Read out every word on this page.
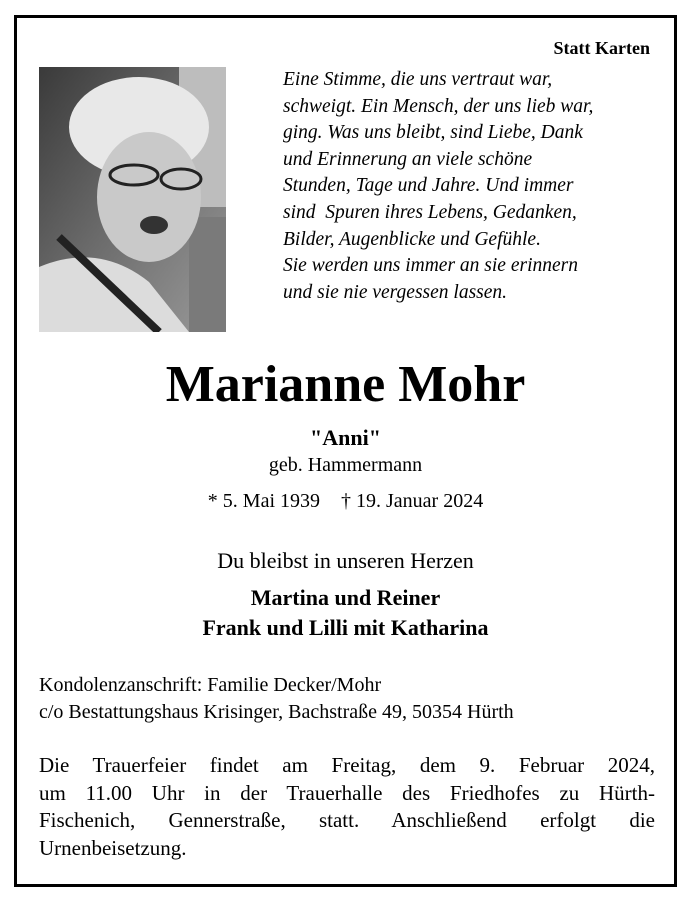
Statt Karten
Eine Stimme, die uns vertraut war,
schweigt. Ein Mensch, der uns lieb war,
ging. Was uns bleibt, sind Liebe, Dank
und Erinnerung an viele schöne
Stunden, Tage und Jahre. Und immer
sind  Spuren ihres Lebens, Gedanken,
Bilder, Augenblicke und Gefühle.
Sie werden uns immer an sie erinnern
und sie nie vergessen lassen.
Marianne Mohr
"Anni"
geb. Hammermann
* 5. Mai 1939 † 19. Januar 2024
Du bleibst in unseren Herzen
Martina und Reiner
Frank und Lilli mit Katharina
Kondolenzanschrift: Familie Decker/Mohr
c/o Bestattungshaus Krisinger, Bachstraße 49, 50354 Hürth
Die Trauerfeier findet am Freitag, dem 9. Februar 2024,
um 11.00 Uhr in der Trauerhalle des Friedhofes zu Hürth-
Fischenich, Gennerstraße, statt. Anschließend erfolgt die
Urnenbeisetzung.
